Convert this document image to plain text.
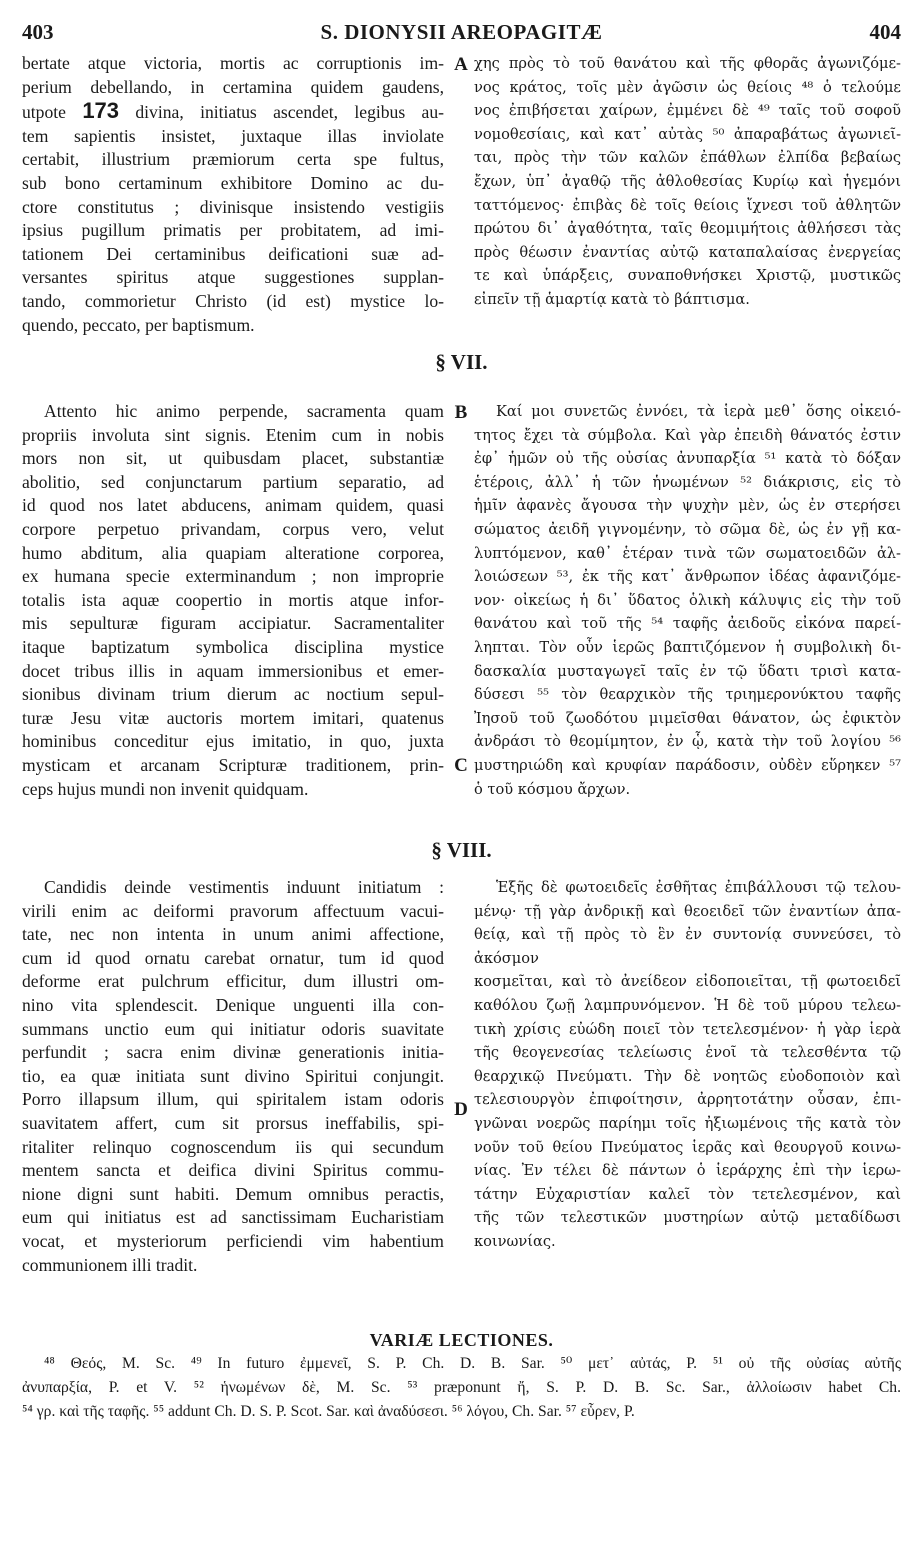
403	S. DIONYSII AREOPAGITÆ	404

bertate atque victoria, mortis ac corruptionis im-

perium debellando, in certamina quidem gaudens,

utpote 173 divina, initiatus ascendet, legibus au-

tem sapientis insistet, juxtaque illas inviolate

certabit, illustrium præmiorum certa spe fultus,

sub bono certaminum exhibitore Domino ac du-

ctore constitutus ; divinisque insistendo vestigiis

ipsius pugillum primatis per probitatem, ad imi-

tationem Dei certaminibus deificationi suæ ad-

versantes spiritus atque suggestiones supplan-

tando, commorietur Christo (id est) mystice lo-

quendo, peccato, per baptismum.

A χης πρὸς τὸ τοῦ θανάτου καὶ τῆς φθορᾶς ἀγωνιζόμε-

νος κράτος, τοῖς μὲν ἀγῶσιν ὡς θείοις ⁴⁸ ὁ τελούμε

νος ἐπιβήσεται χαίρων, ἐμμένει δὲ ⁴⁹ ταῖς τοῦ σοφοῦ

νομοθεσίαις, καὶ κατ᾽ αὐτὰς ⁵⁰ ἀπαραβάτως ἀγωνιεῖ-

ται, πρὸς τὴν τῶν καλῶν ἐπάθλων ἐλπίδα βεβαίως

ἔχων, ὑπ᾽ ἀγαθῷ τῆς ἀθλοθεσίας Κυρίῳ καὶ ἡγεμόνι

ταττόμενος· ἐπιβὰς δὲ τοῖς θείοις ἴχνεσι τοῦ ἀθλητῶν

πρώτου δι᾽ ἀγαθότητα, ταῖς θεομιμήτοις ἀθλήσεσι τὰς

πρὸς θέωσιν ἐναντίας αὐτῷ καταπαλαίσας ἐνεργείας

τε καὶ ὑπάρξεις, συναποθνήσκει Χριστῷ, μυστικῶς

εἰπεῖν τῇ ἁμαρτίᾳ κατὰ τὸ βάπτισμα.

§ VII.

Attento hic animo perpende, sacramenta quam

propriis involuta sint signis. Etenim cum in nobis

mors non sit, ut quibusdam placet, substantiæ

abolitio, sed conjunctarum partium separatio, ad

id quod nos latet abducens, animam quidem, quasi

corpore perpetuo privandam, corpus vero, velut

humo abditum, alia quapiam alteratione corporea,

ex humana specie exterminandum ; non improprie

totalis ista aquæ coopertio in mortis atque infor-

mis sepulturæ figuram accipiatur. Sacramentaliter

itaque baptizatum symbolica disciplina mystice

docet tribus illis in aquam immersionibus et emer-

sionibus divinam trium dierum ac noctium sepul-

turæ Jesu vitæ auctoris mortem imitari, quatenus

hominibus conceditur ejus imitatio, in quo, juxta

mysticam et arcanam Scripturæ traditionem, prin-

ceps hujus mundi non invenit quidquam.

B
C

Καί μοι συνετῶς ἐννόει, τὰ ἱερὰ μεθ᾽ ὅσης οἰκειό-

τητος ἔχει τὰ σύμβολα. Καὶ γὰρ ἐπειδὴ θάνατός ἐστιν

ἐφ᾽ ἡμῶν οὐ τῆς οὐσίας ἀνυπαρξία ⁵¹ κατὰ τὸ δόξαν

ἑτέροις, ἀλλ᾽ ἡ τῶν ἡνωμένων ⁵² διάκρισις, εἰς τὸ

ἡμῖν ἀφανὲς ἄγουσα τὴν ψυχὴν μὲν, ὡς ἐν στερήσει

σώματος ἀειδῆ γιγνομένην, τὸ σῶμα δὲ, ὡς ἐν γῇ κα-

λυπτόμενον, καθ᾽ ἑτέραν τινὰ τῶν σωματοειδῶν ἀλ-

λοιώσεων ⁵³, ἐκ τῆς κατ᾽ ἄνθρωπον ἰδέας ἀφανιζόμε-

νον· οἰκείως ἡ δι᾽ ὕδατος ὁλικὴ κάλυψις εἰς τὴν τοῦ

θανάτου καὶ τοῦ τῆς ⁵⁴ ταφῆς ἀειδοῦς εἰκόνα παρεί-

ληπται. Τὸν οὖν ἱερῶς βαπτιζόμενον ἡ συμβολικὴ δι-

δασκαλία μυσταγωγεῖ ταῖς ἐν τῷ ὕδατι τρισὶ κατα-

δύσεσι ⁵⁵ τὸν θεαρχικὸν τῆς τριημερονύκτου ταφῆς

Ἰησοῦ τοῦ ζωοδότου μιμεῖσθαι θάνατον, ὡς ἐφικτὸν

ἀνδράσι τὸ θεομίμητον, ἐν ᾧ, κατὰ τὴν τοῦ λογίου ⁵⁶

μυστηριώδη καὶ κρυφίαν παράδοσιν, οὐδὲν εὕρηκεν ⁵⁷

ὁ τοῦ κόσμου ἄρχων.

§ VIII.

Candidis deinde vestimentis induunt initiatum :

virili enim ac deiformi pravorum affectuum vacui-

tate, nec non intenta in unum animi affectione,

cum id quod ornatu carebat ornatur, tum id quod

deforme erat pulchrum efficitur, dum illustri om-

nino vita splendescit. Denique unguenti illa con-

summans unctio eum qui initiatur odoris suavitate

perfundit ; sacra enim divinæ generationis initia-

tio, ea quæ initiata sunt divino Spiritui conjungit.

Porro illapsum illum, qui spiritalem istam odoris

suavitatem affert, cum sit prorsus ineffabilis, spi-

ritaliter relinquo cognoscendum iis qui secundum

mentem sancta et deifica divini Spiritus commu-

nione digni sunt habiti. Demum omnibus peractis,

eum qui initiatus est ad sanctissimam Eucharistiam

vocat, et mysteriorum perficiendi vim habentium

communionem illi tradit.

D

Ἑξῆς δὲ φωτοειδεῖς ἐσθῆτας ἐπιβάλλουσι τῷ τελου-

μένῳ· τῇ γὰρ ἀνδρικῇ καὶ θεοειδεῖ τῶν ἐναντίων ἀπα-

θείᾳ, καὶ τῇ πρὸς τὸ ἓν ἐν συντονίᾳ συννεύσει, τὸ ἀκόσμον

κοσμεῖται, καὶ τὸ ἀνείδεον εἰδοποιεῖται, τῇ φωτοειδεῖ

καθόλου ζωῇ λαμπρυνόμενον. Ἡ δὲ τοῦ μύρου τελεω-

τικὴ χρίσις εὐώδη ποιεῖ τὸν τετελεσμένον· ἡ γὰρ ἱερὰ

τῆς θεογενεσίας τελείωσις ἑνοῖ τὰ τελεσθέντα τῷ

θεαρχικῷ Πνεύματι. Τὴν δὲ νοητῶς εὐοδοποιὸν καὶ

τελεσιουργὸν ἐπιφοίτησιν, ἀρρητοτάτην οὖσαν, ἐπι-

γνῶναι νοερῶς παρίημι τοῖς ἠξιωμένοις τῆς κατὰ τὸν

νοῦν τοῦ θείου Πνεύματος ἱερᾶς καὶ θεουργοῦ κοινω-

νίας. Ἐν τέλει δὲ πάντων ὁ ἱεράρχης ἐπὶ τὴν ἱερω-

τάτην Εὐχαριστίαν καλεῖ τὸν τετελεσμένον, καὶ

τῆς τῶν τελεστικῶν μυστηρίων αὐτῷ μεταδίδωσι

κοινωνίας.

VARIÆ LECTIONES.

⁴⁸ Θεός, M. Sc. ⁴⁹ In futuro ἐμμενεῖ, S. P. Ch. D. B. Sar. ⁵⁰ μετ᾽ αὐτάς, P. ⁵¹ οὐ τῆς οὐσίας αὐτῆς

ἀνυπαρξία, P. et V. ⁵² ἡνωμένων δὲ, M. Sc. ⁵³ præponunt ἤ, S. P. D. B. Sc. Sar., ἀλλοίωσιν habet Ch.

⁵⁴ γρ. καὶ τῆς ταφῆς. ⁵⁵ addunt Ch. D. S. P. Scot. Sar. καὶ ἀναδύσεσι. ⁵⁶ λόγου, Ch. Sar. ⁵⁷ εὗρεν, P.
